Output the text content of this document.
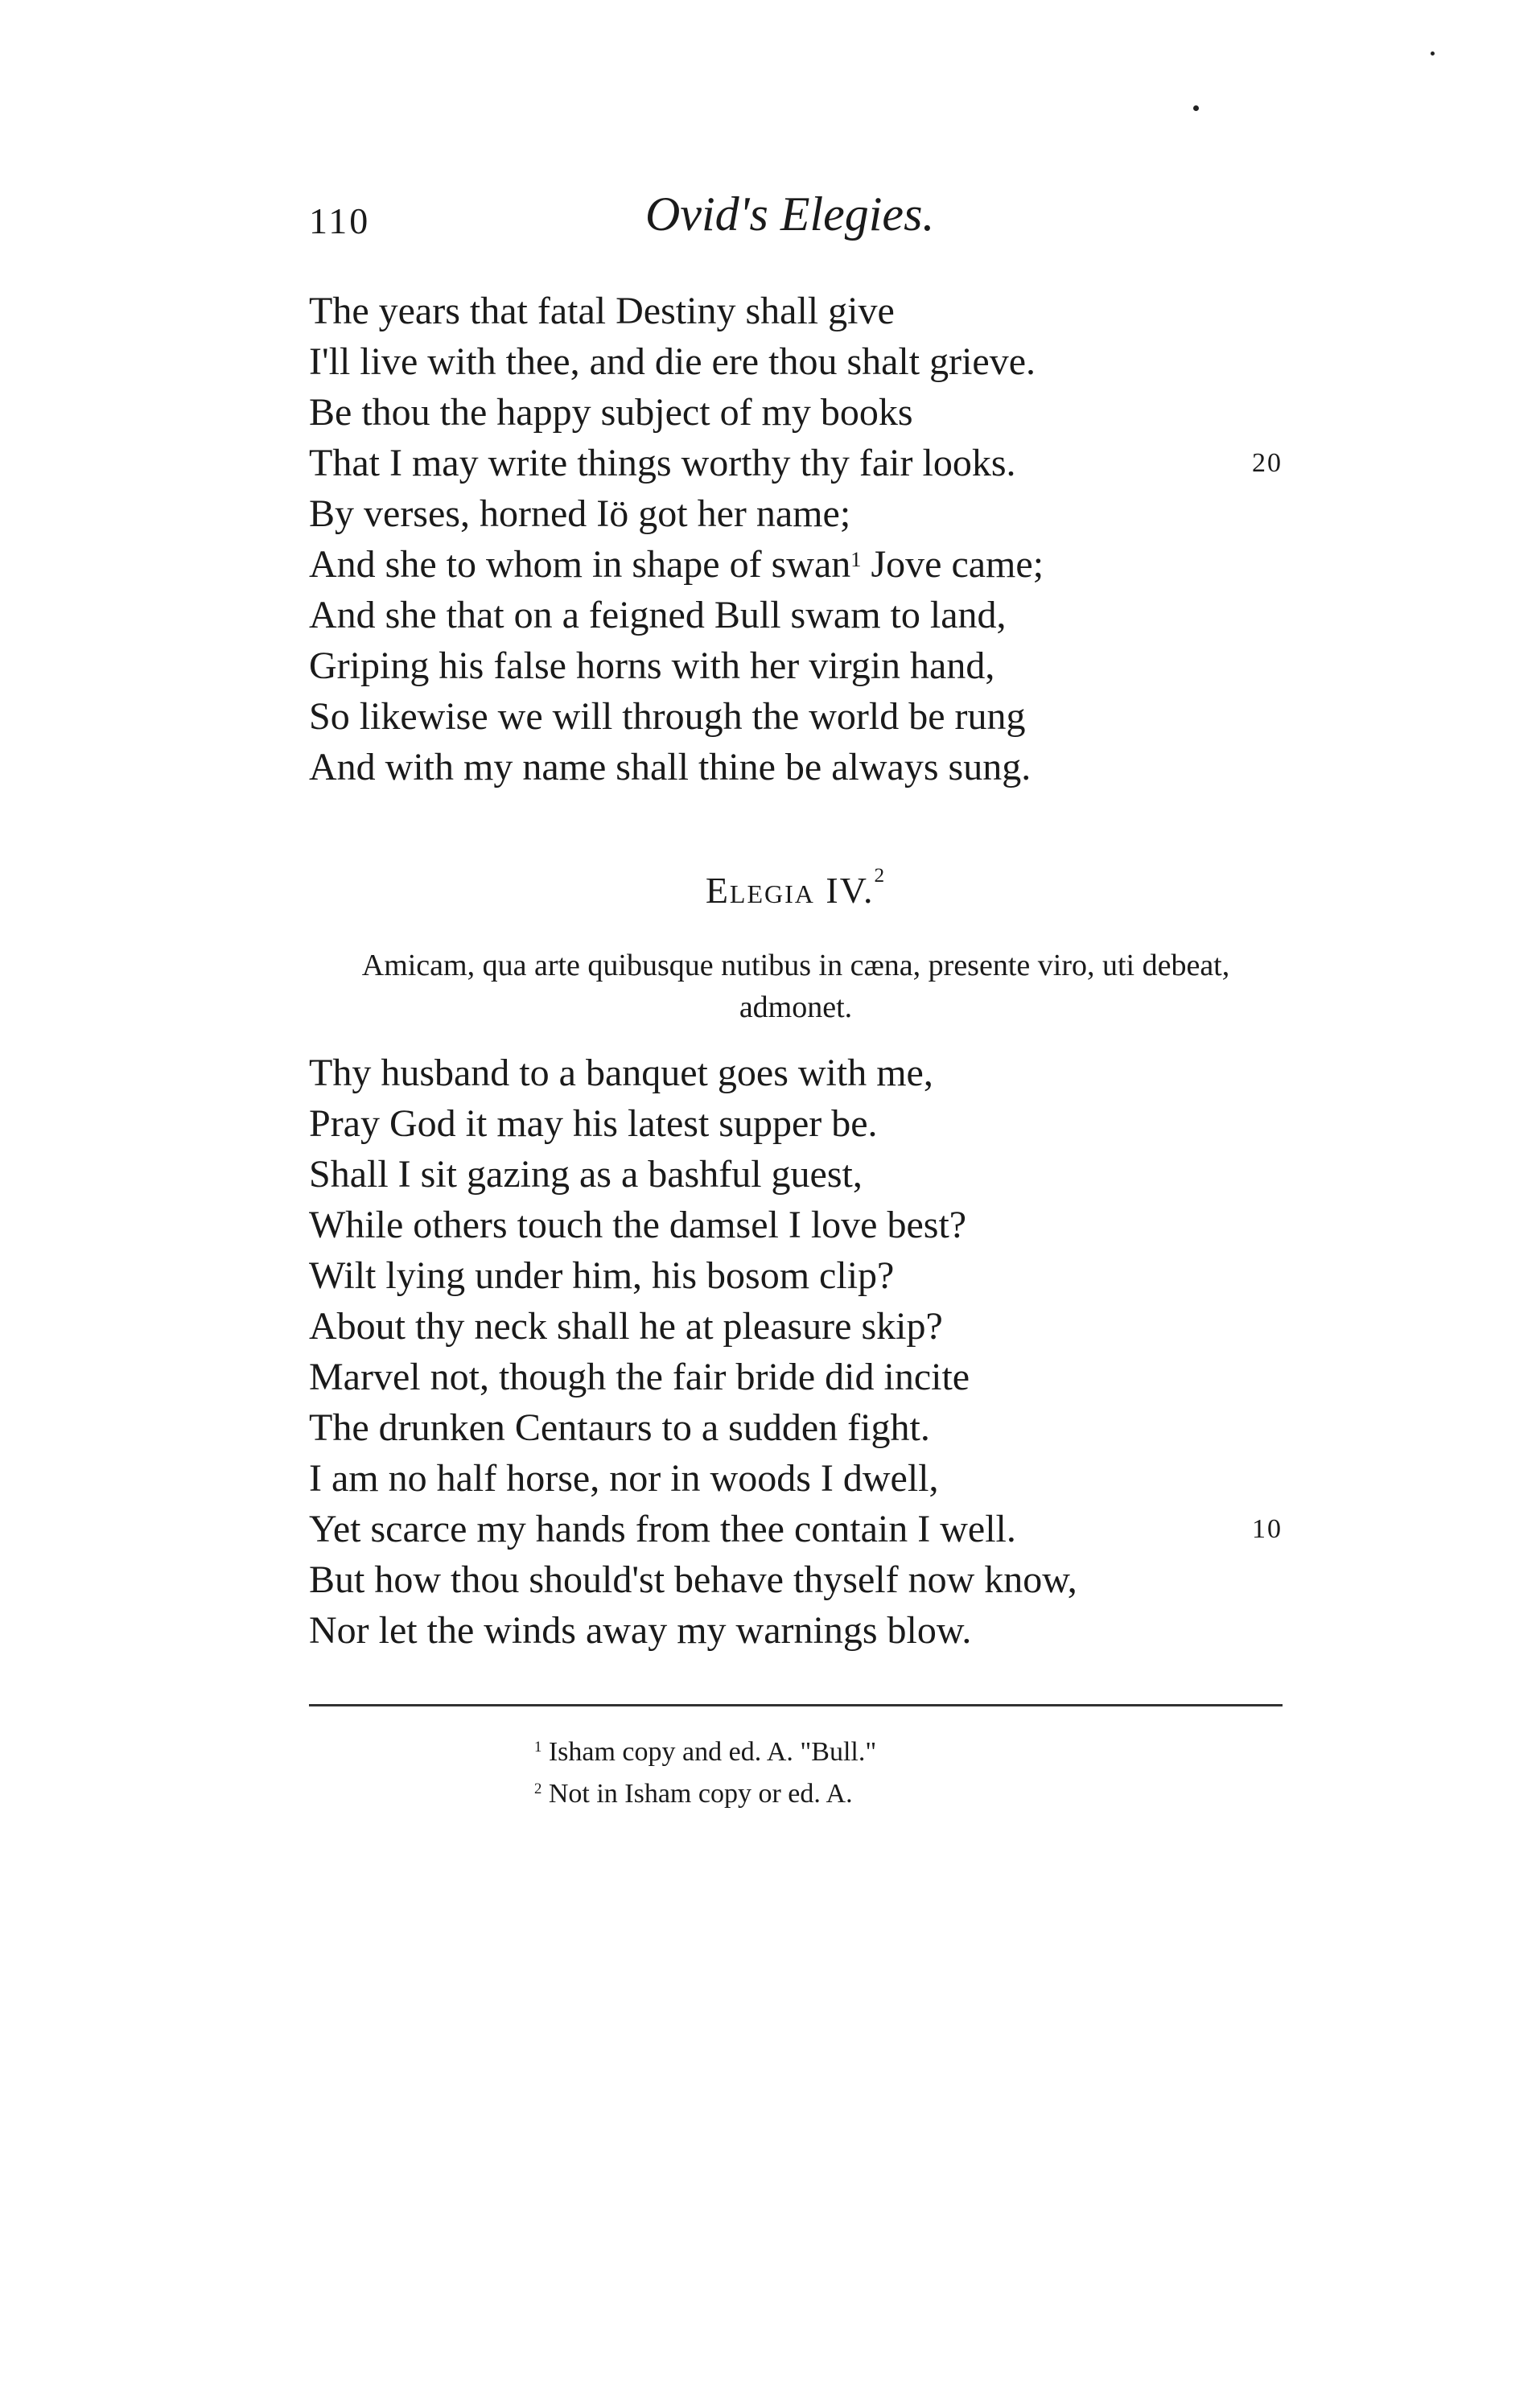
110	Ovid's Elegies.
The years that fatal Destiny shall give
I'll live with thee, and die ere thou shalt grieve.
Be thou the happy subject of my books
That I may write things worthy thy fair looks.	20
By verses, horned Iö got her name;
And she to whom in shape of swan$^1$ Jove came;
And she that on a feigned Bull swam to land,
Griping his false horns with her virgin hand,
So likewise we will through the world be rung
And with my name shall thine be always sung.
Elegia IV.$^2$
Amicam, qua arte quibusque nutibus in cæna, presente viro, uti debeat, admonet.
Thy husband to a banquet goes with me,
Pray God it may his latest supper be.
Shall I sit gazing as a bashful guest,
While others touch the damsel I love best?
Wilt lying under him, his bosom clip?
About thy neck shall he at pleasure skip?
Marvel not, though the fair bride did incite
The drunken Centaurs to a sudden fight.
I am no half horse, nor in woods I dwell,
Yet scarce my hands from thee contain I well.	10
But how thou should'st behave thyself now know,
Nor let the winds away my warnings blow.
$^1$ Isham copy and ed. A. "Bull."
$^2$ Not in Isham copy or ed. A.
